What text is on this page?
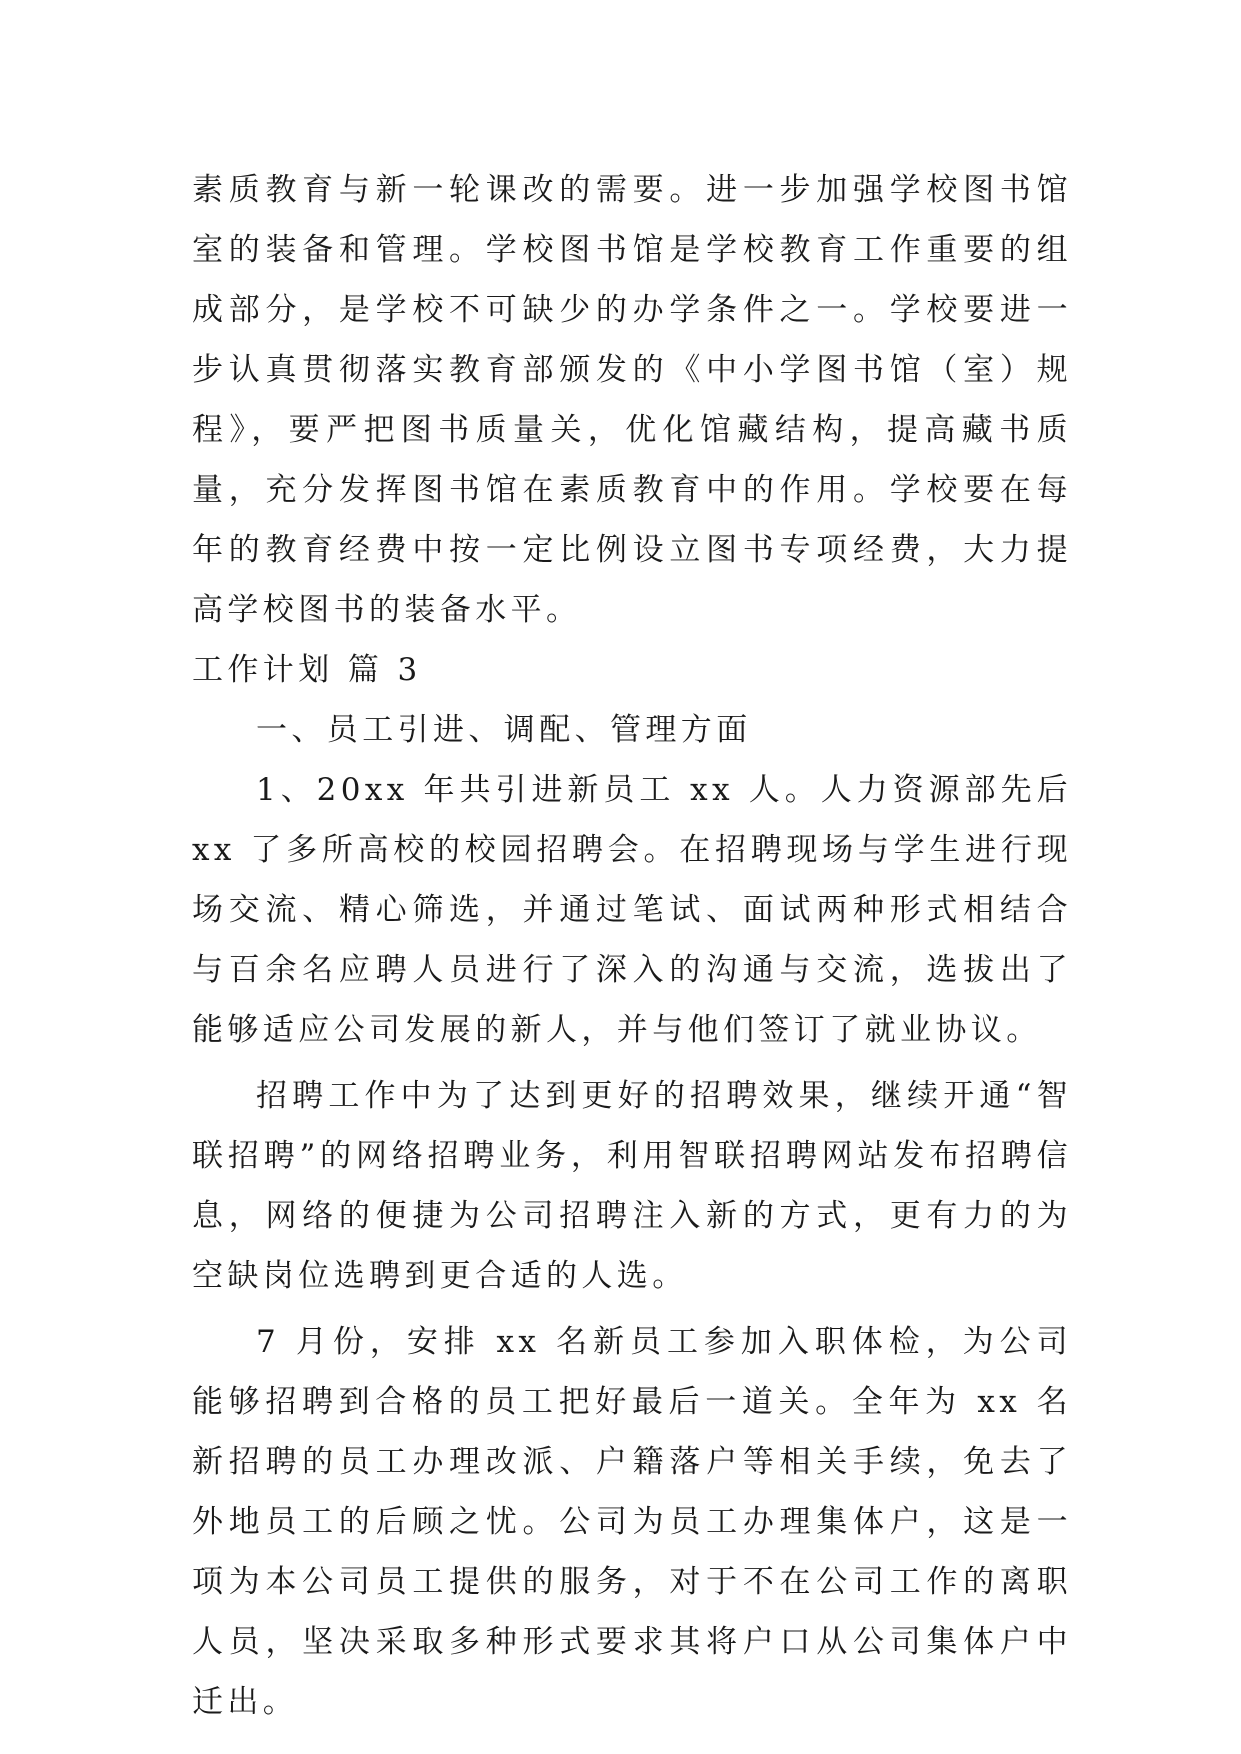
素质教育与新一轮课改的需要。进一步加强学校图书馆室的装备和管理。学校图书馆是学校教育工作重要的组成部分，是学校不可缺少的办学条件之一。学校要进一步认真贯彻落实教育部颁发的《中小学图书馆（室）规程》，要严把图书质量关，优化馆藏结构，提高藏书质量，充分发挥图书馆在素质教育中的作用。学校要在每年的教育经费中按一定比例设立图书专项经费，大力提高学校图书的装备水平。

工作计划 篇 3

一、员工引进、调配、管理方面

1、20xx 年共引进新员工 xx 人。人力资源部先后 xx 了多所高校的校园招聘会。在招聘现场与学生进行现场交流、精心筛选，并通过笔试、面试两种形式相结合与百余名应聘人员进行了深入的沟通与交流，选拔出了能够适应公司发展的新人，并与他们签订了就业协议。

招聘工作中为了达到更好的招聘效果，继续开通“智联招聘”的网络招聘业务，利用智联招聘网站发布招聘信息，网络的便捷为公司招聘注入新的方式，更有力的为空缺岗位选聘到更合适的人选。

7 月份，安排 xx 名新员工参加入职体检，为公司能够招聘到合格的员工把好最后一道关。全年为 xx 名新招聘的员工办理改派、户籍落户等相关手续，免去了外地员工的后顾之忧。公司为员工办理集体户，这是一项为本公司员工提供的服务，对于不在公司工作的离职人员，坚决采取多种形式要求其将户口从公司集体户中迁出。
